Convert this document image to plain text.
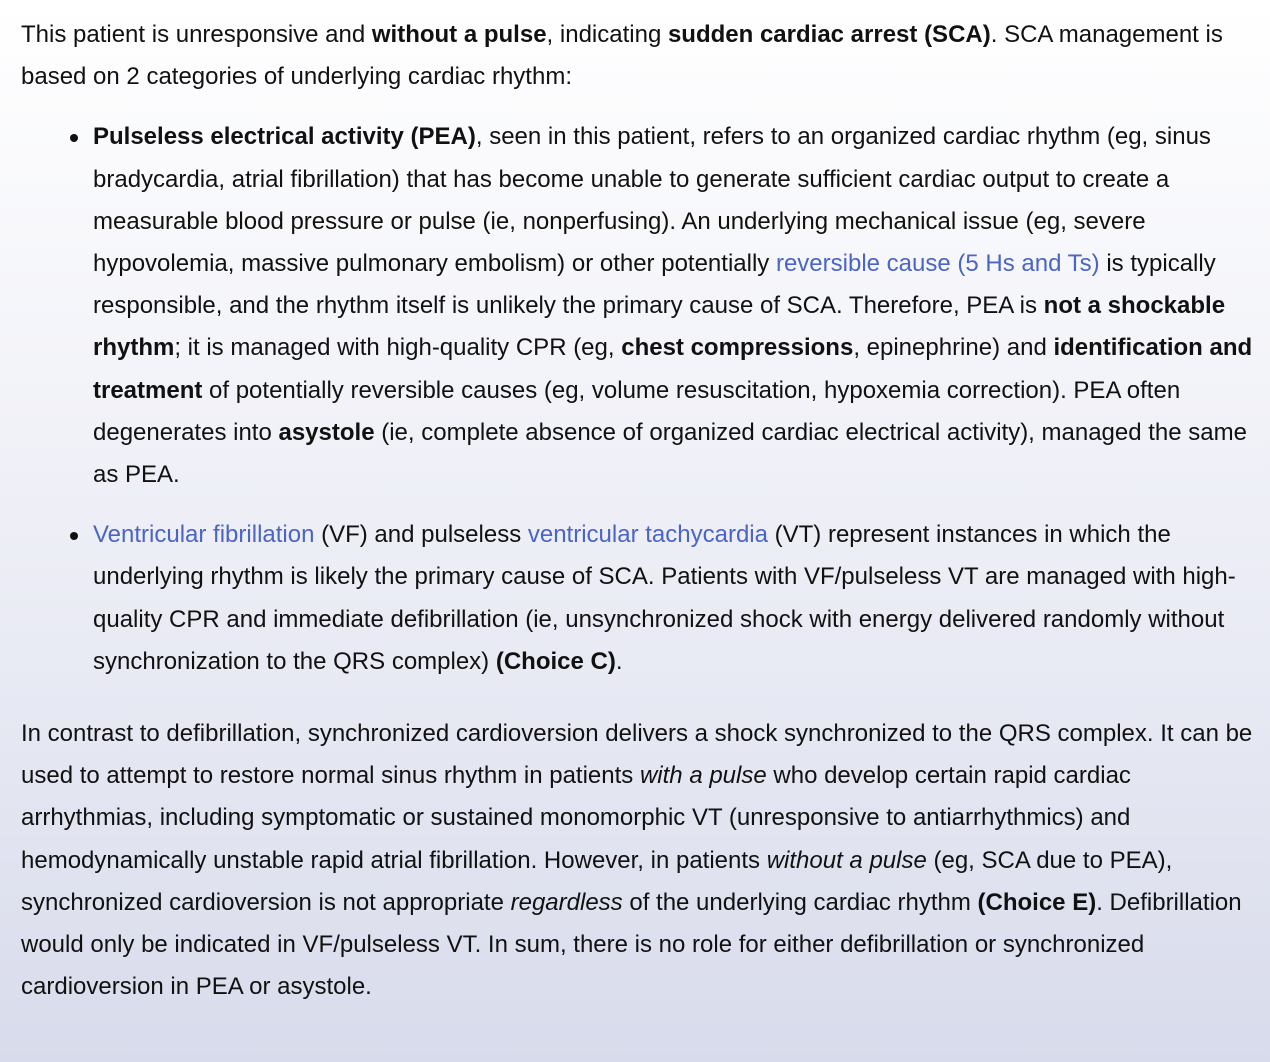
This patient is unresponsive and without a pulse, indicating sudden cardiac arrest (SCA). SCA management is based on 2 categories of underlying cardiac rhythm:

Pulseless electrical activity (PEA), seen in this patient, refers to an organized cardiac rhythm (eg, sinus bradycardia, atrial fibrillation) that has become unable to generate sufficient cardiac output to create a measurable blood pressure or pulse (ie, nonperfusing). An underlying mechanical issue (eg, severe hypovolemia, massive pulmonary embolism) or other potentially reversible cause (5 Hs and Ts) is typically responsible, and the rhythm itself is unlikely the primary cause of SCA. Therefore, PEA is not a shockable rhythm; it is managed with high-quality CPR (eg, chest compressions, epinephrine) and identification and treatment of potentially reversible causes (eg, volume resuscitation, hypoxemia correction). PEA often degenerates into asystole (ie, complete absence of organized cardiac electrical activity), managed the same as PEA.
Ventricular fibrillation (VF) and pulseless ventricular tachycardia (VT) represent instances in which the underlying rhythm is likely the primary cause of SCA. Patients with VF/pulseless VT are managed with high-quality CPR and immediate defibrillation (ie, unsynchronized shock with energy delivered randomly without synchronization to the QRS complex) (Choice C).

In contrast to defibrillation, synchronized cardioversion delivers a shock synchronized to the QRS complex. It can be used to attempt to restore normal sinus rhythm in patients with a pulse who develop certain rapid cardiac arrhythmias, including symptomatic or sustained monomorphic VT (unresponsive to antiarrhythmics) and hemodynamically unstable rapid atrial fibrillation. However, in patients without a pulse (eg, SCA due to PEA), synchronized cardioversion is not appropriate regardless of the underlying cardiac rhythm (Choice E). Defibrillation would only be indicated in VF/pulseless VT. In sum, there is no role for either defibrillation or synchronized cardioversion in PEA or asystole.
